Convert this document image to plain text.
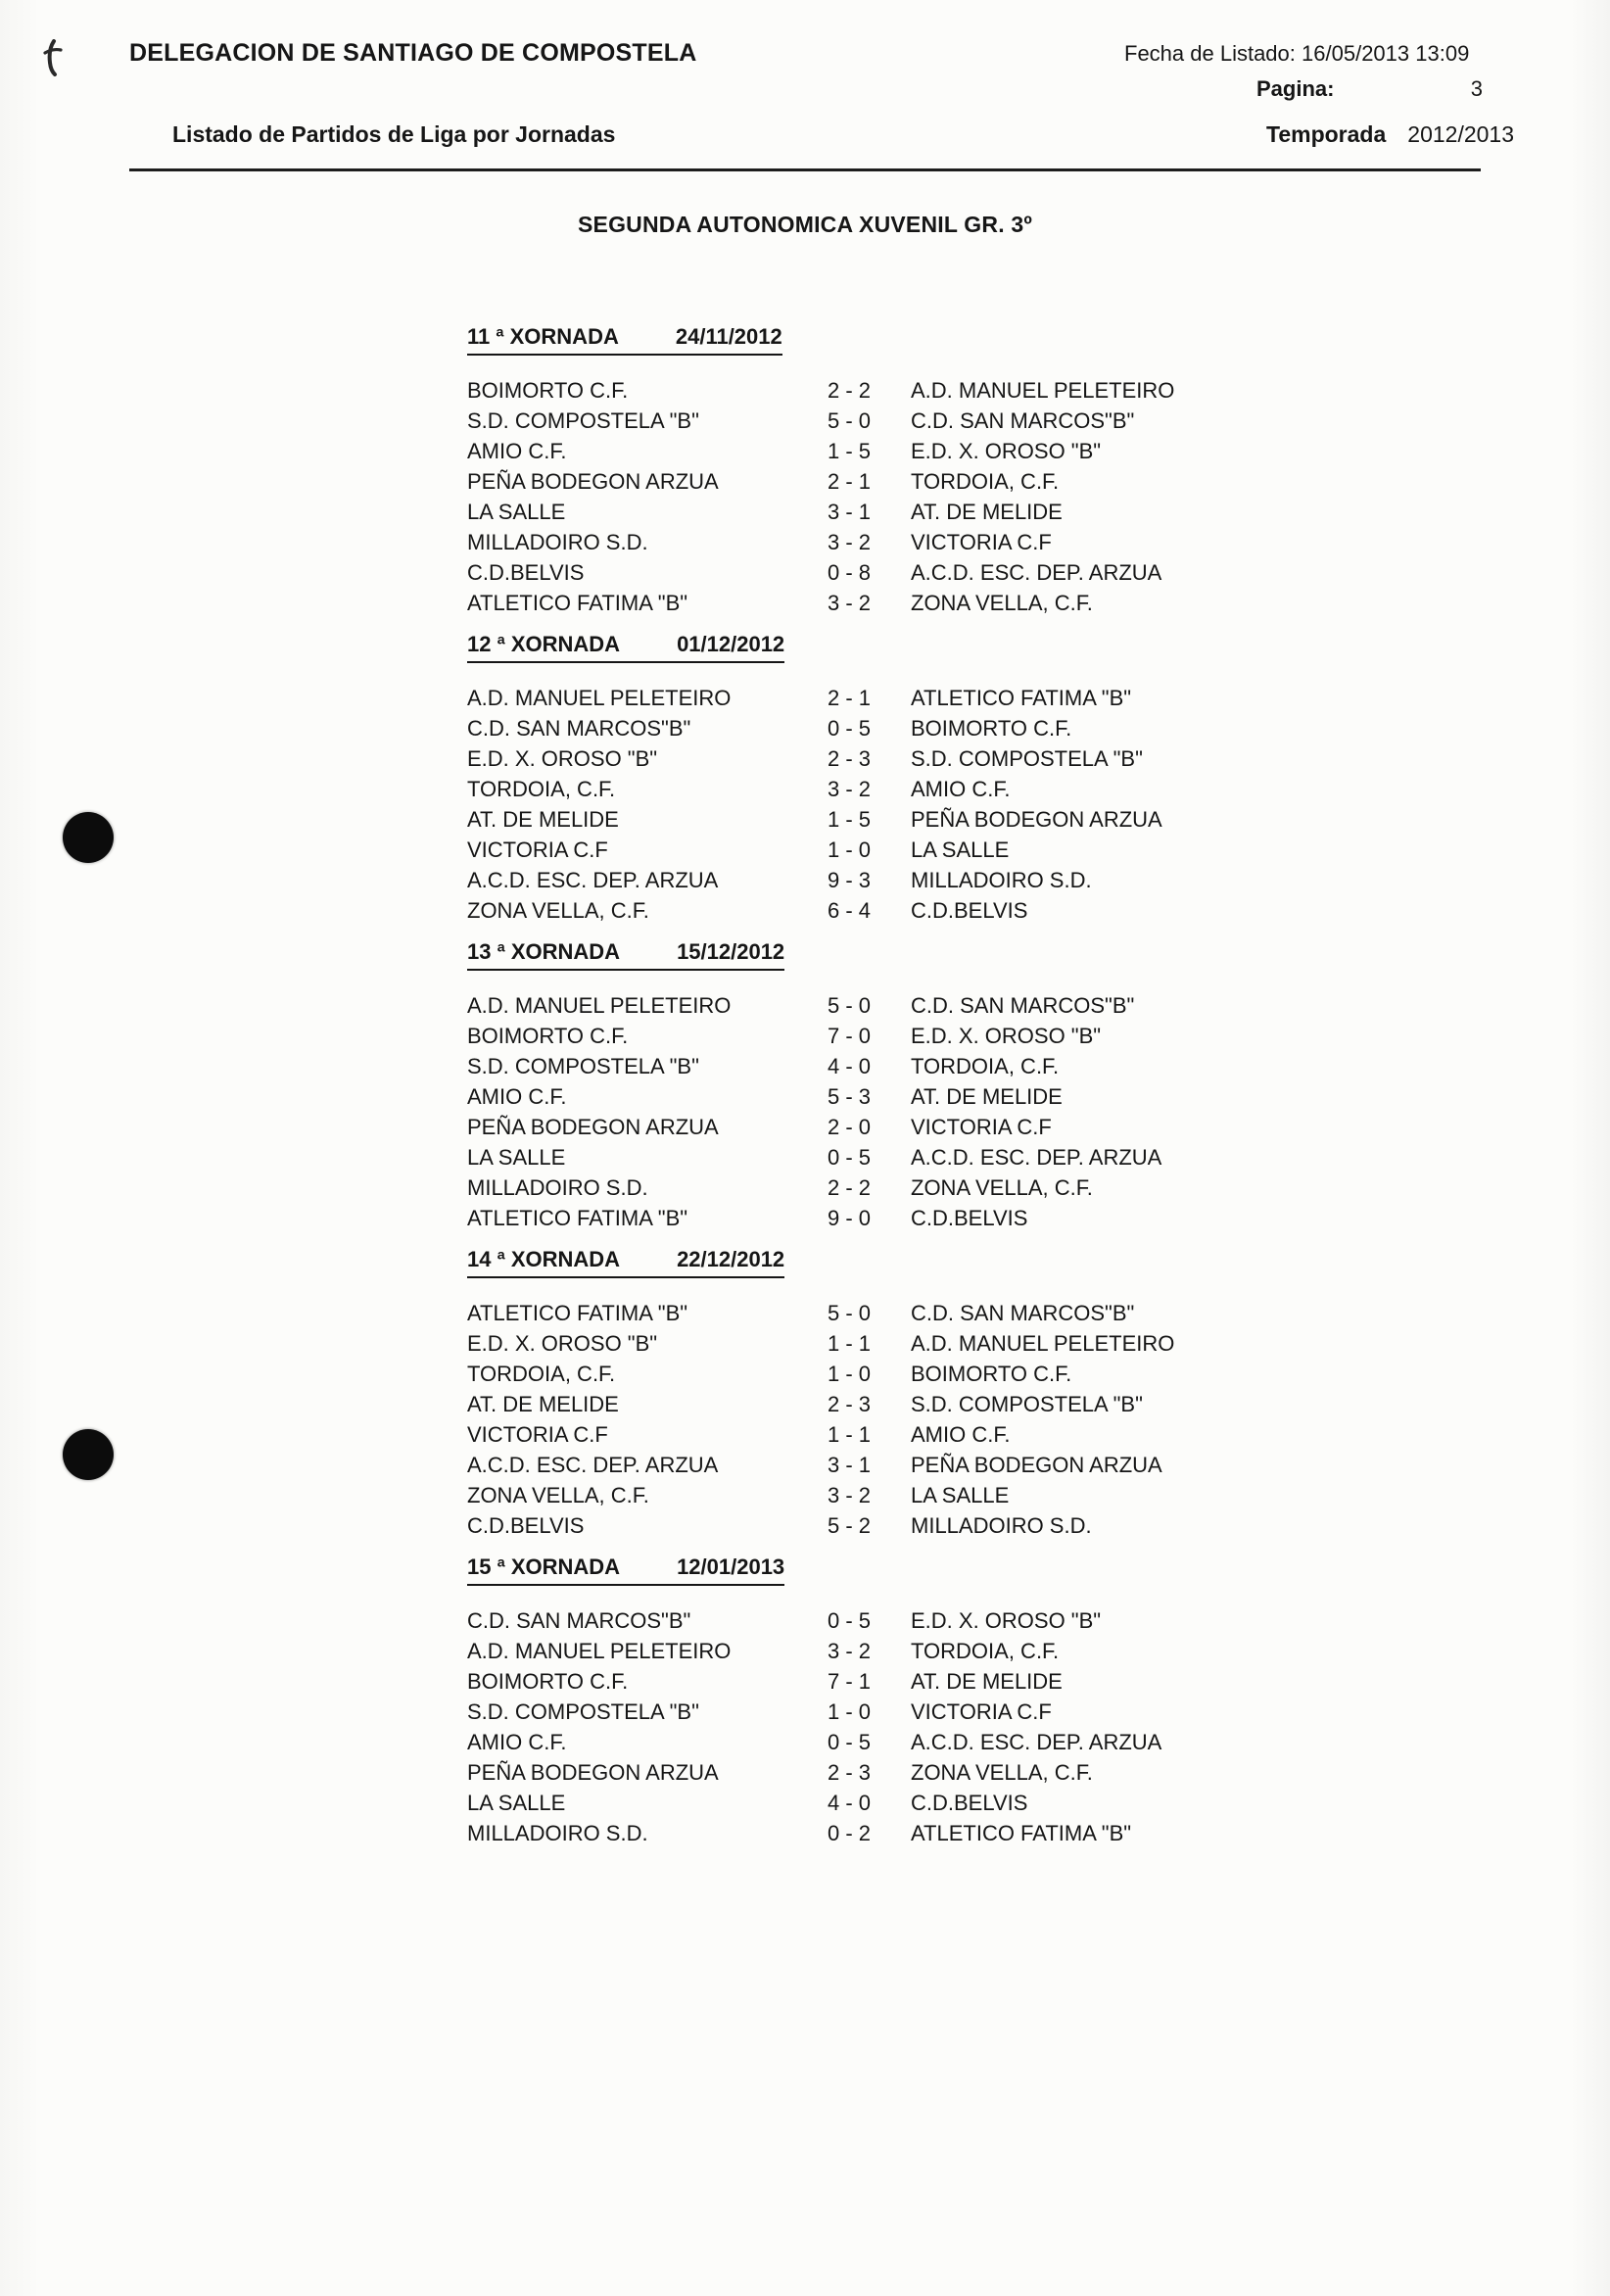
DELEGACION DE SANTIAGO DE COMPOSTELA	Fecha de Listado: 16/05/2013 13:09
Pagina:	3
Listado de Partidos de Liga por Jornadas	Temporada 2012/2013
SEGUNDA AUTONOMICA XUVENIL GR. 3º
11 ª XORNADA	24/11/2012
BOIMORTO C.F.	2 - 2	A.D. MANUEL PELETEIRO
S.D. COMPOSTELA "B"	5 - 0	C.D. SAN MARCOS"B"
AMIO C.F.	1 - 5	E.D. X. OROSO "B"
PEÑA BODEGON ARZUA	2 - 1	TORDOIA, C.F.
LA SALLE	3 - 1	AT. DE MELIDE
MILLADOIRO S.D.	3 - 2	VICTORIA C.F
C.D.BELVIS	0 - 8	A.C.D. ESC. DEP. ARZUA
ATLETICO FATIMA "B"	3 - 2	ZONA VELLA, C.F.
12 ª XORNADA	01/12/2012
A.D. MANUEL PELETEIRO	2 - 1	ATLETICO FATIMA "B"
C.D. SAN MARCOS"B"	0 - 5	BOIMORTO C.F.
E.D. X. OROSO "B"	2 - 3	S.D. COMPOSTELA "B"
TORDOIA, C.F.	3 - 2	AMIO C.F.
AT. DE MELIDE	1 - 5	PEÑA BODEGON ARZUA
VICTORIA C.F	1 - 0	LA SALLE
A.C.D. ESC. DEP. ARZUA	9 - 3	MILLADOIRO S.D.
ZONA VELLA, C.F.	6 - 4	C.D.BELVIS
13 ª XORNADA	15/12/2012
A.D. MANUEL PELETEIRO	5 - 0	C.D. SAN MARCOS"B"
BOIMORTO C.F.	7 - 0	E.D. X. OROSO "B"
S.D. COMPOSTELA "B"	4 - 0	TORDOIA, C.F.
AMIO C.F.	5 - 3	AT. DE MELIDE
PEÑA BODEGON ARZUA	2 - 0	VICTORIA C.F
LA SALLE	0 - 5	A.C.D. ESC. DEP. ARZUA
MILLADOIRO S.D.	2 - 2	ZONA VELLA, C.F.
ATLETICO FATIMA "B"	9 - 0	C.D.BELVIS
14 ª XORNADA	22/12/2012
ATLETICO FATIMA "B"	5 - 0	C.D. SAN MARCOS"B"
E.D. X. OROSO "B"	1 - 1	A.D. MANUEL PELETEIRO
TORDOIA, C.F.	1 - 0	BOIMORTO C.F.
AT. DE MELIDE	2 - 3	S.D. COMPOSTELA "B"
VICTORIA C.F	1 - 1	AMIO C.F.
A.C.D. ESC. DEP. ARZUA	3 - 1	PEÑA BODEGON ARZUA
ZONA VELLA, C.F.	3 - 2	LA SALLE
C.D.BELVIS	5 - 2	MILLADOIRO S.D.
15 ª XORNADA	12/01/2013
C.D. SAN MARCOS"B"	0 - 5	E.D. X. OROSO "B"
A.D. MANUEL PELETEIRO	3 - 2	TORDOIA, C.F.
BOIMORTO C.F.	7 - 1	AT. DE MELIDE
S.D. COMPOSTELA "B"	1 - 0	VICTORIA C.F
AMIO C.F.	0 - 5	A.C.D. ESC. DEP. ARZUA
PEÑA BODEGON ARZUA	2 - 3	ZONA VELLA, C.F.
LA SALLE	4 - 0	C.D.BELVIS
MILLADOIRO S.D.	0 - 2	ATLETICO FATIMA "B"
